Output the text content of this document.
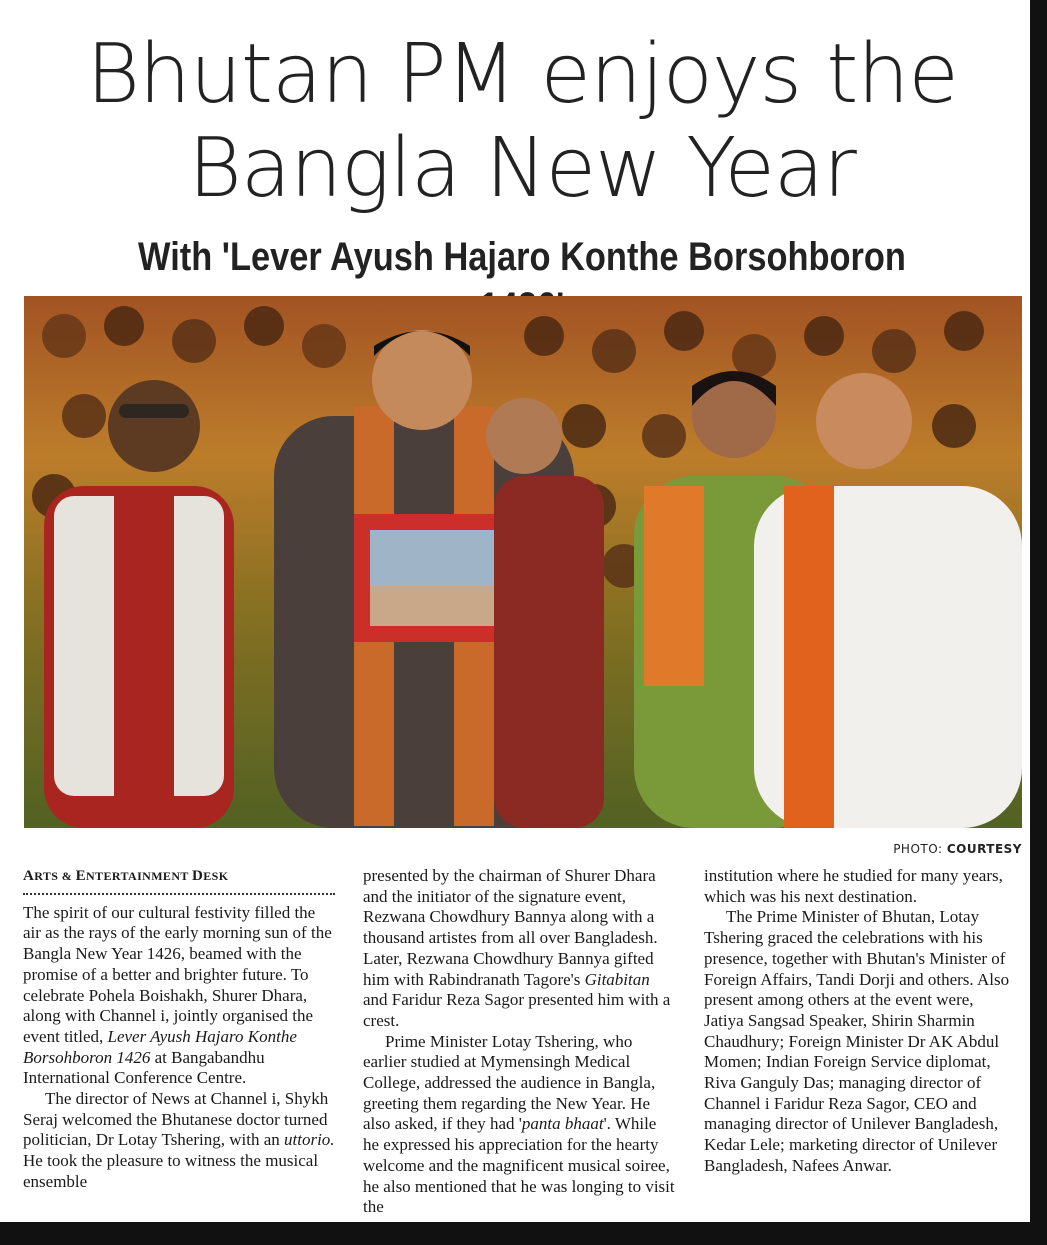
Bhutan PM enjoys the Bangla New Year
With 'Lever Ayush Hajaro Konthe Borsohboron
PHOTO: COURTESY
ARTS & ENTERTAINMENT DESK

The spirit of our cultural festivity filled the air as the rays of the early morning sun of the Bangla New Year 1426, beamed with the promise of a better and brighter future. To celebrate Pohela Boishakh, Shurer Dhara, along with Channel i, jointly organised the event titled, Lever Ayush Hajaro Konthe Borsohboron 1426 at Bangabandhu International Conference Centre.

The director of News at Channel i, Shykh Seraj welcomed the Bhutanese doctor turned politician, Dr Lotay Tshering, with an uttorio. He took the pleasure to witness the musical ensemble

presented by the chairman of Shurer Dhara and the initiator of the signature event, Rezwana Chowdhury Bannya along with a thousand artistes from all over Bangladesh. Later, Rezwana Chowdhury Bannya gifted him with Rabindranath Tagore's Gitabitan and Faridur Reza Sagor presented him with a crest.

Prime Minister Lotay Tshering, who earlier studied at Mymensingh Medical College, addressed the audience in Bangla, greeting them regarding the New Year. He also asked, if they had 'panta bhaat'. While he expressed his appreciation for the hearty welcome and the magnificent musical soiree, he also mentioned that he was longing to visit the

institution where he studied for many years, which was his next destination.

The Prime Minister of Bhutan, Lotay Tshering graced the celebrations with his presence, together with Bhutan's Minister of Foreign Affairs, Tandi Dorji and others. Also present among others at the event were, Jatiya Sangsad Speaker, Shirin Sharmin Chaudhury; Foreign Minister Dr AK Abdul Momen; Indian Foreign Service diplomat, Riva Ganguly Das; managing director of Channel i Faridur Reza Sagor, CEO and managing director of Unilever Bangladesh, Kedar Lele; marketing director of Unilever Bangladesh, Nafees Anwar.
